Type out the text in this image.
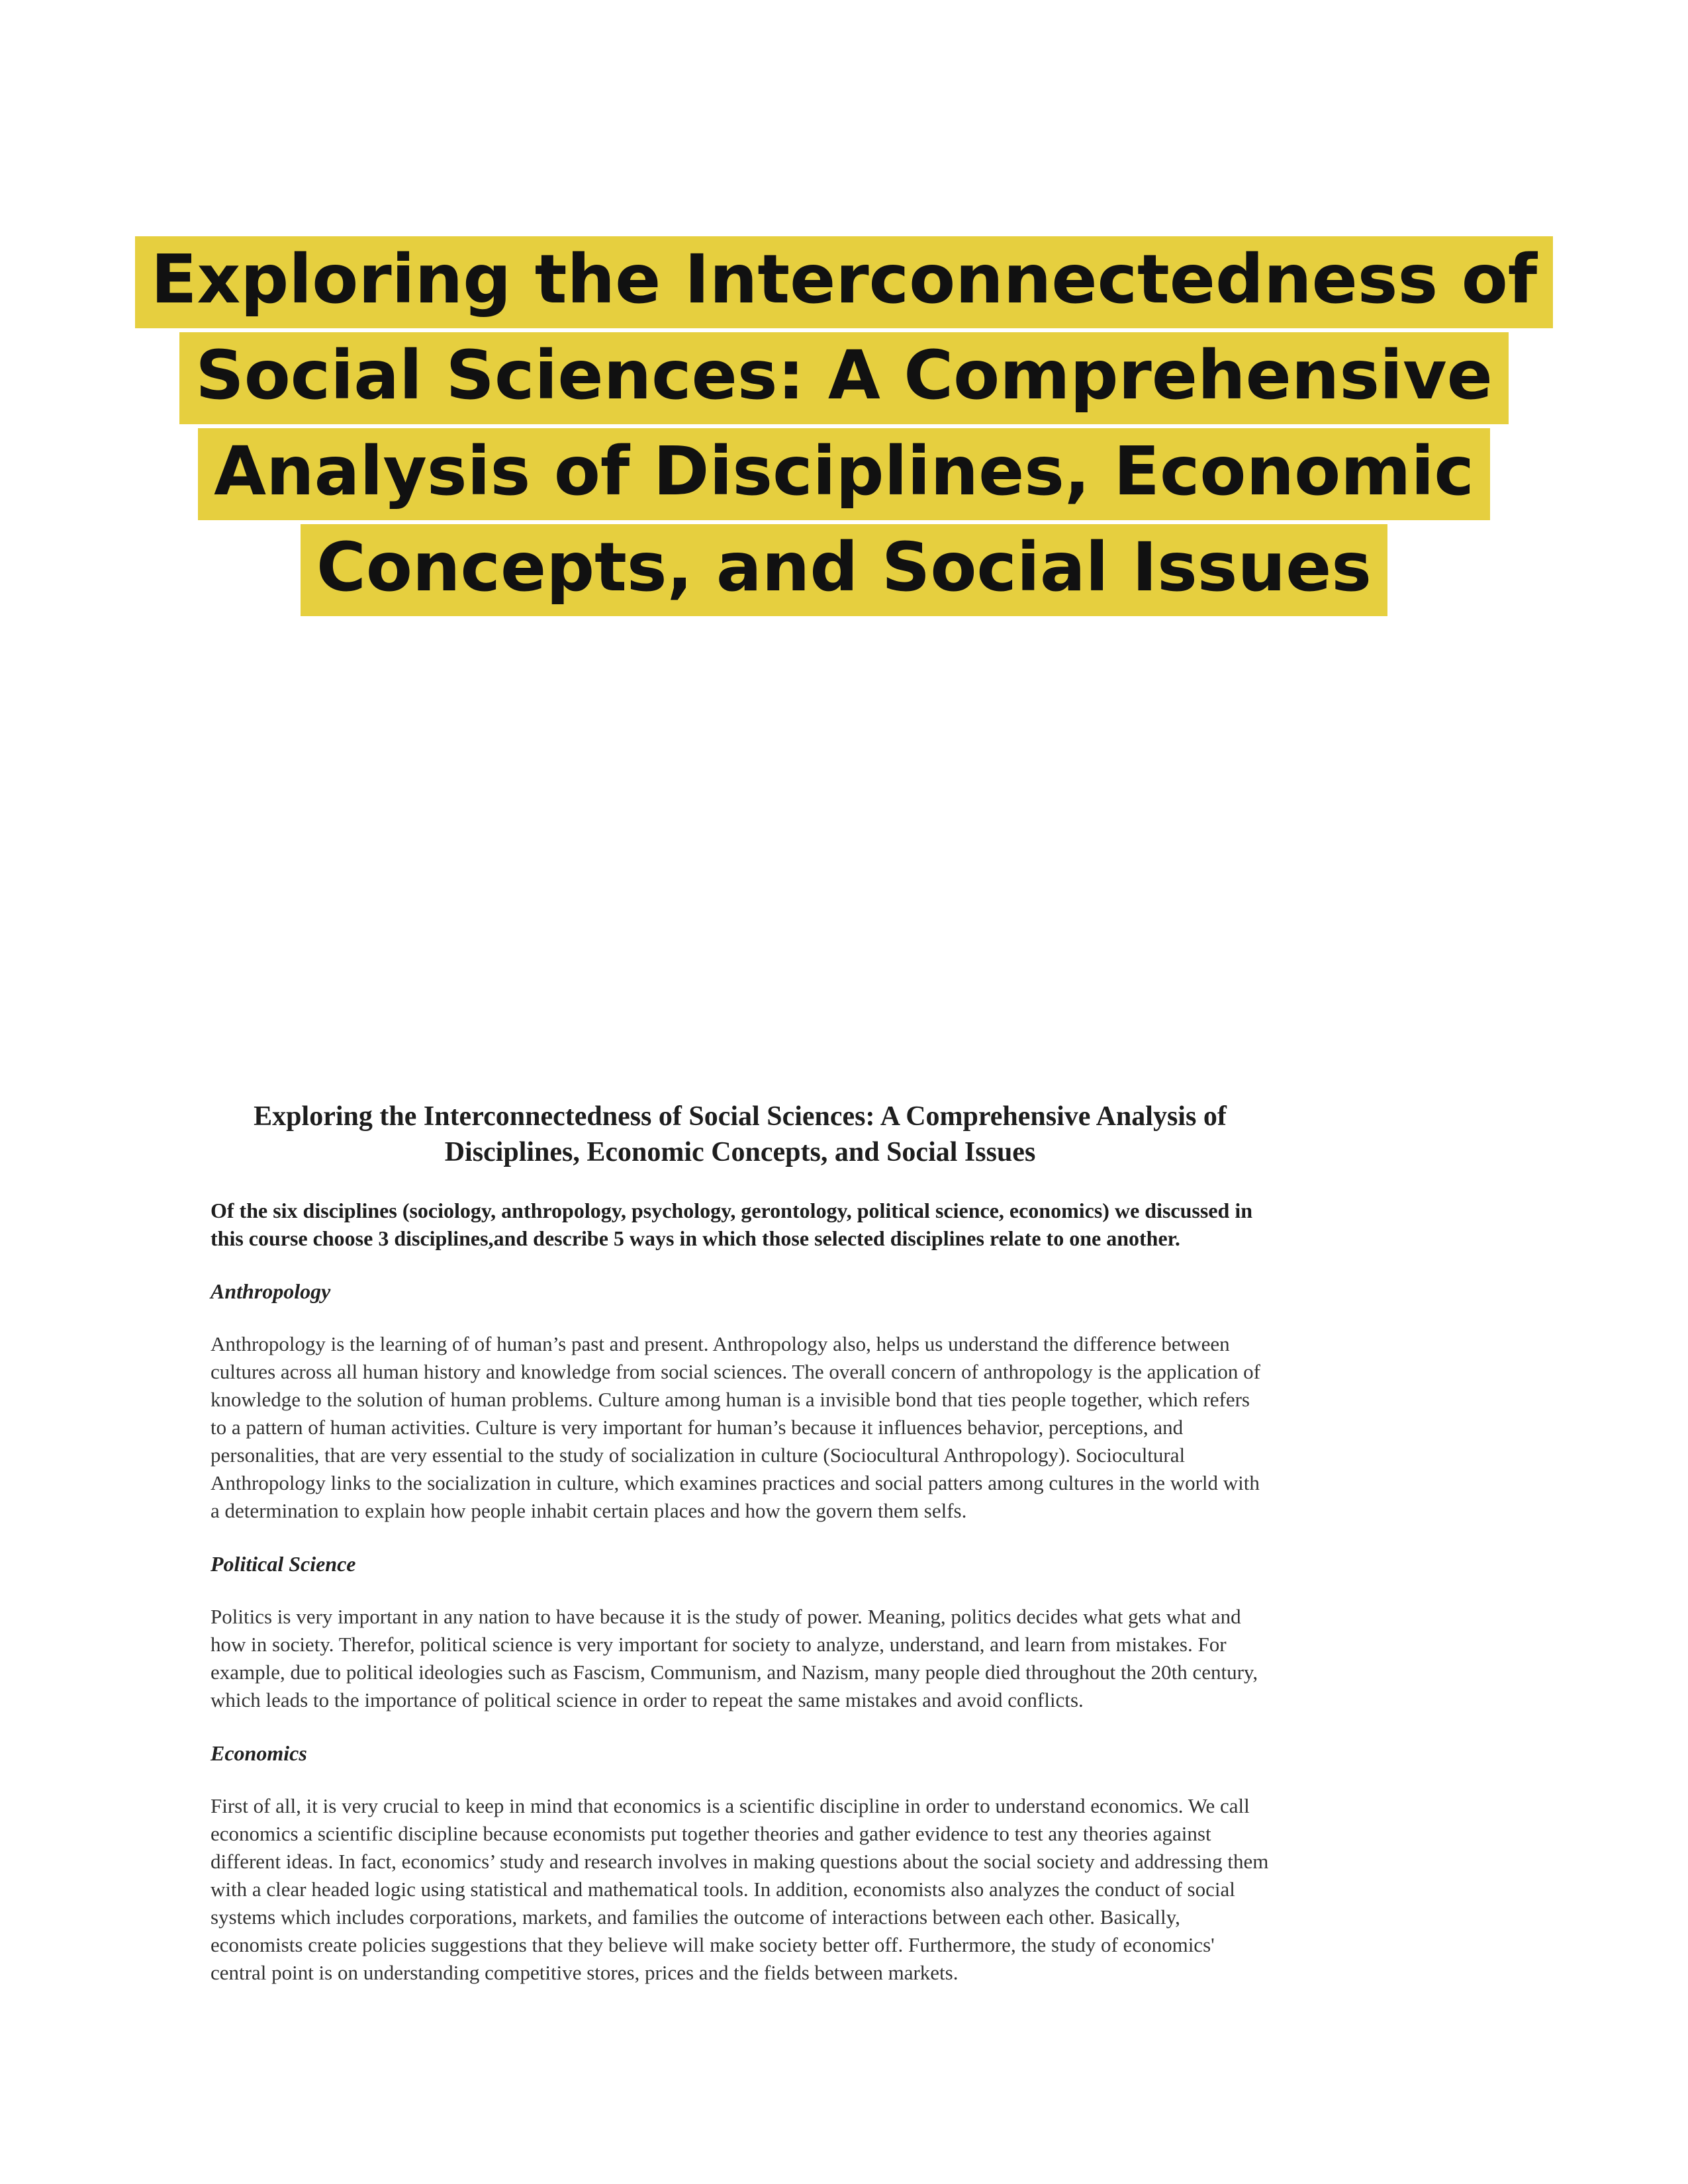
Exploring the Interconnectedness of Social Sciences: A Comprehensive Analysis of Disciplines, Economic Concepts, and Social Issues
Exploring the Interconnectedness of Social Sciences: A Comprehensive Analysis of Disciplines, Economic Concepts, and Social Issues

Of the six disciplines (sociology, anthropology, psychology, gerontology, political science, economics) we discussed in this course choose 3 disciplines,and describe 5 ways in which those selected disciplines relate to one another.

Anthropology

Anthropology is the learning of of human’s past and present. Anthropology also, helps us understand the difference between cultures across all human history and knowledge from social sciences. The overall concern of anthropology is the application of knowledge to the solution of human problems. Culture among human is a invisible bond that ties people together, which refers to a pattern of human activities. Culture is very important for human’s because it influences behavior, perceptions, and personalities, that are very essential to the study of socialization in culture (Sociocultural Anthropology). Sociocultural Anthropology links to the socialization in culture, which examines practices and social patters among cultures in the world with a determination to explain how people inhabit certain places and how the govern them selfs.

Political Science

Politics is very important in any nation to have because it is the study of power. Meaning, politics decides what gets what and how in society. Therefor, political science is very important for society to analyze, understand, and learn from mistakes. For example, due to political ideologies such as Fascism, Communism, and Nazism, many people died throughout the 20th century, which leads to the importance of political science in order to repeat the same mistakes and avoid conflicts.

Economics

First of all, it is very crucial to keep in mind that economics is a scientific discipline in order to understand economics. We call economics a scientific discipline because economists put together theories and gather evidence to test any theories against different ideas. In fact, economics’ study and research involves in making questions about the social society and addressing them with a clear headed logic using statistical and mathematical tools. In addition, economists also analyzes the conduct of social systems which includes corporations, markets, and families the outcome of interactions between each other. Basically, economists create policies suggestions that they believe will make society better off. Furthermore, the study of economics' central point is on understanding competitive stores, prices and the fields between markets.
